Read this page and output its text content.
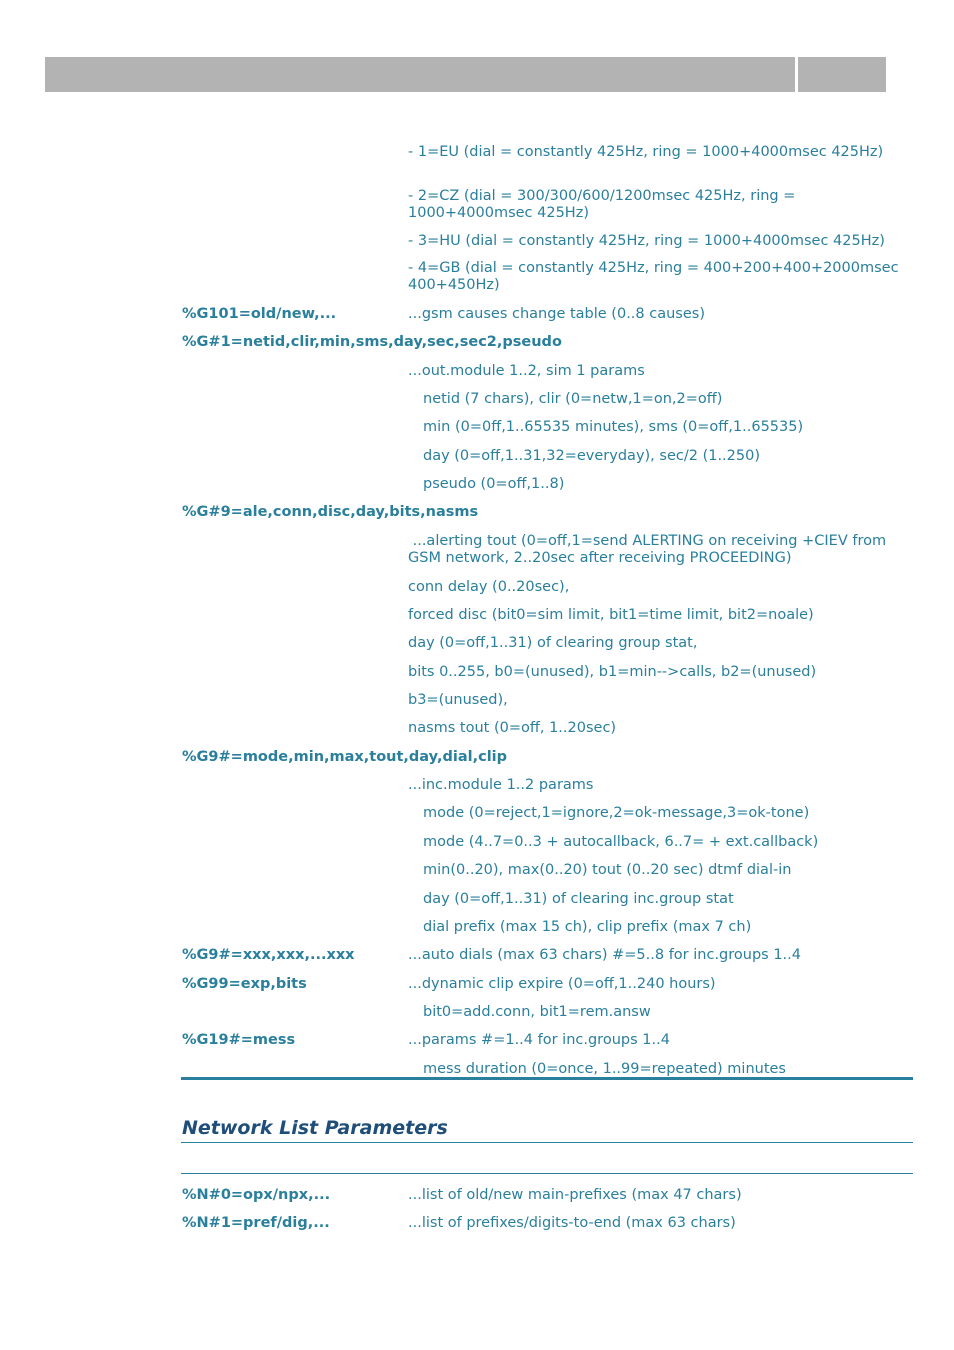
- 1=EU (dial = constantly 425Hz, ring = 1000+4000msec 425Hz)
- 2=CZ (dial = 300/300/600/1200msec 425Hz, ring = 1000+4000msec 425Hz)
- 3=HU (dial = constantly 425Hz, ring = 1000+4000msec 425Hz)
- 4=GB (dial = constantly 425Hz, ring = 400+200+400+2000msec 400+450Hz)
%G101=old/new,...	...gsm causes change table (0..8 causes)
%G#1=netid,clir,min,sms,day,sec,sec2,pseudo
...out.module 1..2, sim 1 params
netid (7 chars), clir (0=netw,1=on,2=off)
min (0=0ff,1..65535 minutes), sms (0=off,1..65535)
day (0=off,1..31,32=everyday), sec/2 (1..250)
pseudo (0=off,1..8)
%G#9=ale,conn,disc,day,bits,nasms
...alerting tout (0=off,1=send ALERTING on receiving +CIEV from GSM network, 2..20sec after receiving PROCEEDING)
conn delay (0..20sec),
forced disc (bit0=sim limit, bit1=time limit, bit2=noale)
day (0=off,1..31) of clearing group stat,
bits 0..255, b0=(unused), b1=min-->calls, b2=(unused)
b3=(unused),
nasms tout (0=off, 1..20sec)
%G9#=mode,min,max,tout,day,dial,clip
...inc.module 1..2 params
mode (0=reject,1=ignore,2=ok-message,3=ok-tone)
mode (4..7=0..3 + autocallback, 6..7= + ext.callback)
min(0..20), max(0..20) tout (0..20 sec) dtmf dial-in
day (0=off,1..31) of clearing inc.group stat
dial prefix (max 15 ch), clip prefix (max 7 ch)
%G9#=xxx,xxx,...xxx	...auto dials (max 63 chars) #=5..8 for inc.groups 1..4
%G99=exp,bits	...dynamic clip expire (0=off,1..240 hours)
bit0=add.conn, bit1=rem.answ
%G19#=mess	...params #=1..4 for inc.groups 1..4
mess duration (0=once, 1..99=repeated) minutes
%N#0=opx/npx,...	...list of old/new main-prefixes (max 47 chars)
%N#1=pref/dig,...	...list of prefixes/digits-to-end (max 63 chars)
Network List Parameters
